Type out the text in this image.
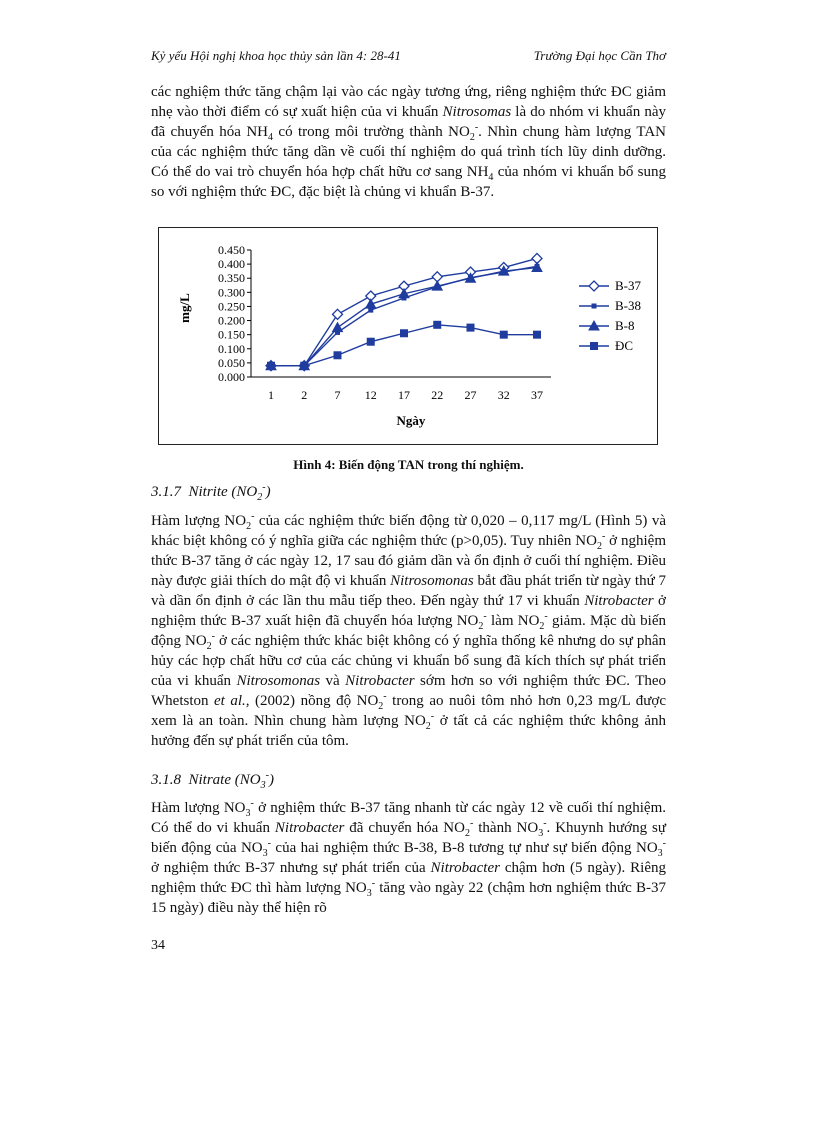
Kỷ yếu Hội nghị khoa học thủy sản lần 4: 28-41	Trường Đại học Cần Thơ

các nghiệm thức tăng chậm lại vào các ngày tương ứng, riêng nghiệm thức ĐC giảm nhẹ vào thời điểm có sự xuất hiện của vi khuẩn Nitrosomas là do nhóm vi khuẩn này đã chuyển hóa $NH_4$ có trong môi trường thành $NO_2^-$. Nhìn chung hàm lượng TAN của các nghiệm thức tăng dần về cuối thí nghiệm do quá trình tích lũy dinh dưỡng. Có thể do vai trò chuyển hóa hợp chất hữu cơ sang $NH_4$ của nhóm vi khuẩn bổ sung so với nghiệm thức ĐC, đặc biệt là chủng vi khuẩn B-37.

0.000
0.050
0.100
0.150
0.200
0.250
0.300
0.350
0.400
0.450
1 2 7 12 17 22 27 32 37
B-37
B-38
B-8
ĐC
mg/L
Ngày
Hình 4: Biến động TAN trong thí nghiệm.
3.1.7 Nitrite $(NO_2^-)$

Hàm lượng $NO_2^-$ của các nghiệm thức biến động từ 0,020 – 0,117 mg/L (Hình 5) và khác biệt không có ý nghĩa giữa các nghiệm thức (p>0,05). Tuy nhiên $NO_2^-$ ở nghiệm thức B-37 tăng ở các ngày 12, 17 sau đó giảm dần và ổn định ở cuối thí nghiệm. Điều này được giải thích do mật độ vi khuẩn Nitrosomonas bắt đầu phát triển từ ngày thứ 7 và dần ổn định ở các lần thu mẫu tiếp theo. Đến ngày thứ 17 vi khuẩn Nitrobacter ở nghiệm thức B-37 xuất hiện đã chuyển hóa lượng $NO_2^-$ làm $NO_2^-$ giảm. Mặc dù biến động $NO_2^-$ ở các nghiệm thức khác biệt không có ý nghĩa thống kê nhưng do sự phân hủy các hợp chất hữu cơ của các chủng vi khuẩn bổ sung đã kích thích sự phát triển của vi khuẩn Nitrosomonas và Nitrobacter sớm hơn so với nghiệm thức ĐC. Theo Whetston et al., (2002) nồng độ $NO_2^-$ trong ao nuôi tôm nhỏ hơn 0,23 mg/L được xem là an toàn. Nhìn chung hàm lượng $NO_2^-$ ở tất cả các nghiệm thức không ảnh hưởng đến sự phát triển của tôm.

3.1.8 Nitrate $(NO_3^-)$

Hàm lượng $NO_3^-$ ở nghiệm thức B-37 tăng nhanh từ các ngày 12 về cuối thí nghiệm. Có thể do vi khuẩn Nitrobacter đã chuyển hóa $NO_2^-$ thành $NO_3^-$. Khuynh hướng sự biến động của $NO_3^-$ của hai nghiệm thức B-38, B-8 tương tự như sự biến động $NO_3^-$ ở nghiệm thức B-37 nhưng sự phát triển của Nitrobacter chậm hơn (5 ngày). Riêng nghiệm thức ĐC thì hàm lượng $NO_3^-$ tăng vào ngày 22 (chậm hơn nghiệm thức B-37 15 ngày) điều này thể hiện rõ

34
